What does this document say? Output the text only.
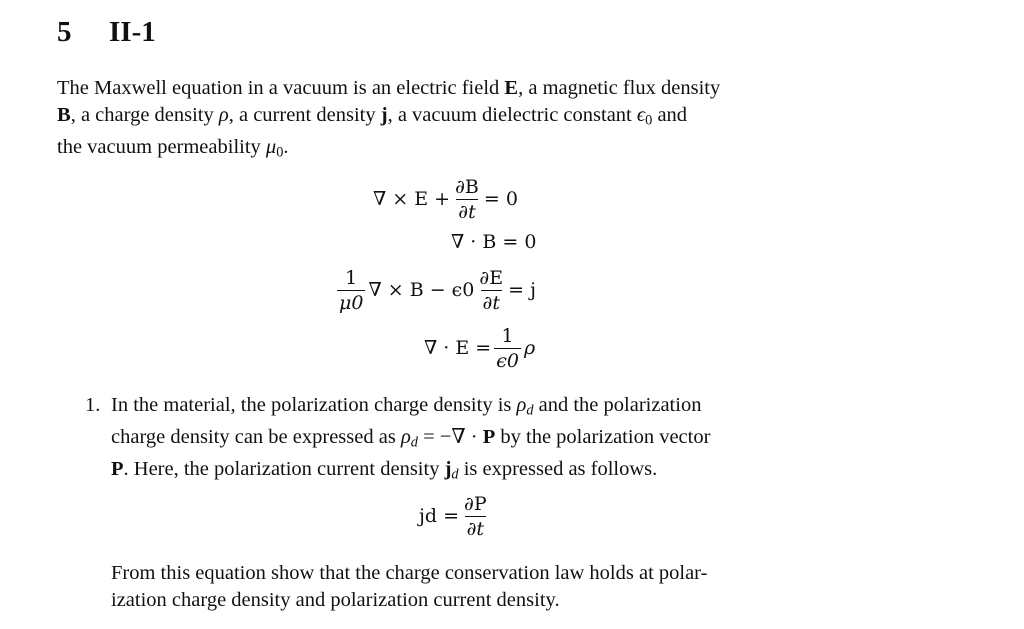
5 II-1
The Maxwell equation in a vacuum is an electric field E, a magnetic flux density
B, a charge density ρ, a current density j, a vacuum dielectric constant $\epsilon_0$ and
the vacuum permeability $\mu_0$.
∇ × $E + \frac{\partial B}{\partial t} = 0$
∇ · B = 0
$\frac{1}{\mu 0}$ ∇ × $B - \epsilon 0 \frac{\partial E}{\partial t} = j$
∇ · $E = \frac{1}{\epsilon 0}$ ρ
1. In the material, the polarization charge density is $\rho_d$ and the polarization
charge density can be expressed as $\rho_d$ = −∇ · P by the polarization vector
P. Here, the polarization current density $j_d$ is expressed as follows.
jd = $\frac{\partial P}{\partial t}$
From this equation show that the charge conservation law holds at polar-
ization charge density and polarization current density.
